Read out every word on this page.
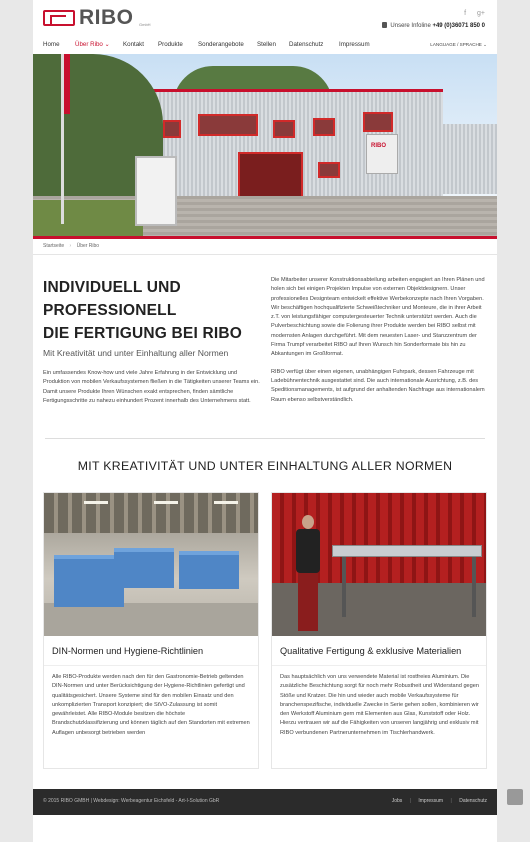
RIBO GmbH
f g+
Unsere Infoline +49 (0)36071 850 0
Home Über Ribo ⌄ Kontakt Produkte Sonderangebote Stellen Datenschutz	Impressum	LANGUAGE / SPRACHE ⌄
RIBO
Startseite › Über Ribo
INDIVIDUELL UND
PROFESSIONELL
DIE FERTIGUNG BEI RIBO
Mit Kreativität und unter Einhaltung aller Normen
Ein umfassendes Know-how und viele Jahre Erfahrung in der Entwicklung und Produktion von mobilen Verkaufssystemen fließen in die Tätigkeiten unserer Teams ein. Damit unsere Produkte Ihren Wünschen exakt entsprechen, finden sämtliche Fertigungsschritte zu nahezu einhundert Prozent innerhalb des Unternehmens statt.

Die Mitarbeiter unserer Konstruktionsabteilung arbeiten engagiert an Ihren Plänen und holen sich bei einigen Projekten Impulse von externen Objektdesignern. Unser professionelles Designteam entwickelt effektive Werbekonzepte nach Ihren Vorgaben. Wir beschäftigen hochqualifizierte Schweißtechniker und Monteure, die in ihrer Arbeit z.T. von leistungsfähiger computergesteuerter Technik unterstützt werden. Auch die Pulverbeschichtung sowie die Folierung ihrer Produkte werden bei RIBO selbst mit modernsten Anlagen durchgeführt. Mit dem neuesten Laser- und Stanzzentrum der Firma Trumpf verarbeitet RIBO auf Ihren Wunsch hin Sonderformate bis hin zu Abkantungen im Großformat.

RIBO verfügt über einen eigenen, unabhängigen Fuhrpark, dessen Fahrzeuge mit Ladebühnentechnik ausgestattet sind. Die auch internationale Ausrichtung, z.B. des Speditionsmanagements, ist aufgrund der anhaltenden Nachfrage aus internationalem Raum ebenso selbstverständlich.

MIT KREATIVITÄT UND UNTER EINHALTUNG ALLER NORMEN
DIN-Normen und Hygiene-Richtlinien
Alle RIBO-Produkte werden nach den für den Gastronomie-Betrieb geltenden DIN-Normen und unter Berücksichtigung der Hygiene-Richtlinien gefertigt und qualitätsgesichert. Unsere Systeme sind für den mobilen Einsatz und den unkomplizierten Transport konzipiert; die StVO-Zulassung ist somit gewährleistet. Alle RIBO-Module besitzen die höchste Brandschutzklassifizierung und können täglich auf den Standorten mit extremen Auflagen unbesorgt betrieben werden
Qualitative Fertigung & exklusive Materialien
Das hauptsächlich von uns verwendete Material ist rostfreies Aluminium. Die zusätzliche Beschichtung sorgt für noch mehr Robustheit und Widerstand gegen Stöße und Kratzer. Die hin und wieder auch mobile Verkaufssysteme für branchenspezifische, individuelle Zwecke in Serie gehen sollen, kombinieren wir den Werkstoff Aluminium gern mit Elementen aus Glas, Kunststoff oder Holz. Hierzu vertrauen wir auf die Fähigkeiten von unseren langjährig und exklusiv mit RIBO verbundenen Partnerunternehmen im Tischlerhandwerk.
© 2015 RIBO GMBH | Webdesign: Werbeagentur Eichsfeld - Art-I-Solution GbR	Jobs | Impressum | Datenschutz
